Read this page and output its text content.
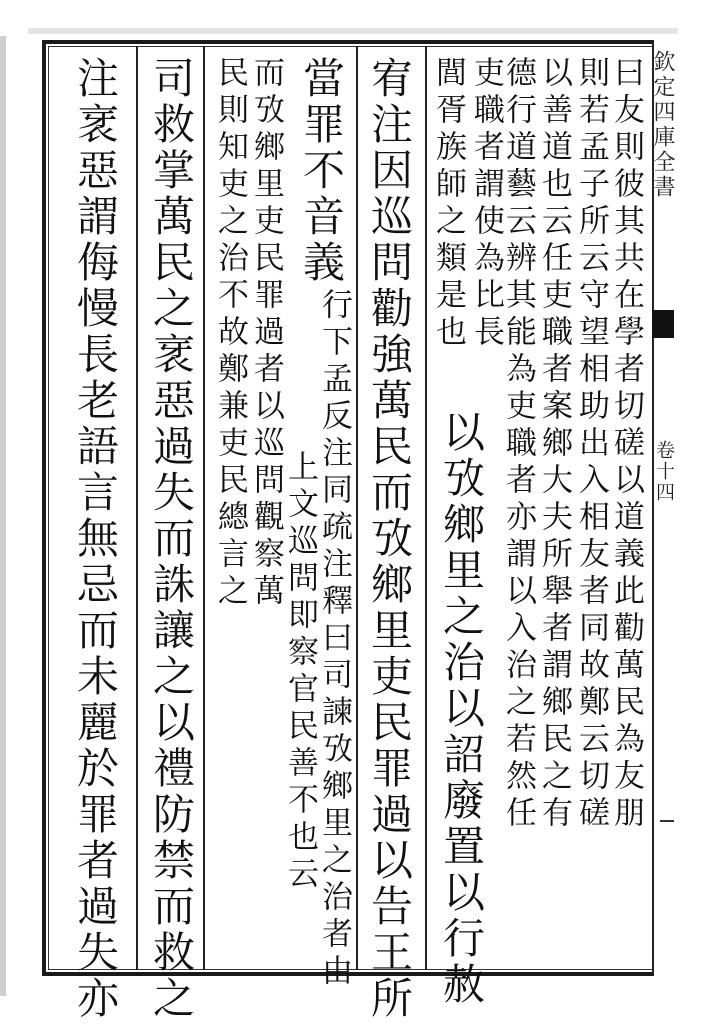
欽定四庫全書
卷十四
曰友則彼其共在學者切磋以道義此勸萬民為友朋
則若孟子所云守望相助出入相友者同故鄭云切磋
以善道也云任吏職者案鄉大夫所舉者謂鄉民之有
德行道藝云辨其能為吏職者亦謂以入治之若然任
吏職者謂使為比長
閭胥族師之類是也
以攷鄉里之治以詔廢置以行赦
宥注因巡問勸強萬民而攷鄉里吏民罪過以告王所
當罪不音義
行下孟反注同疏注釋曰司諫攷鄉里之治者由
而攷鄉里吏民罪過者以巡問觀察萬
上文巡問即察官民善不也云
民則知吏之治不故鄭兼吏民總言之
司救掌萬民之衺惡過失而誅讓之以禮防禁而救之
注衺惡謂侮慢長老語言無忌而未麗於罪者過失亦
